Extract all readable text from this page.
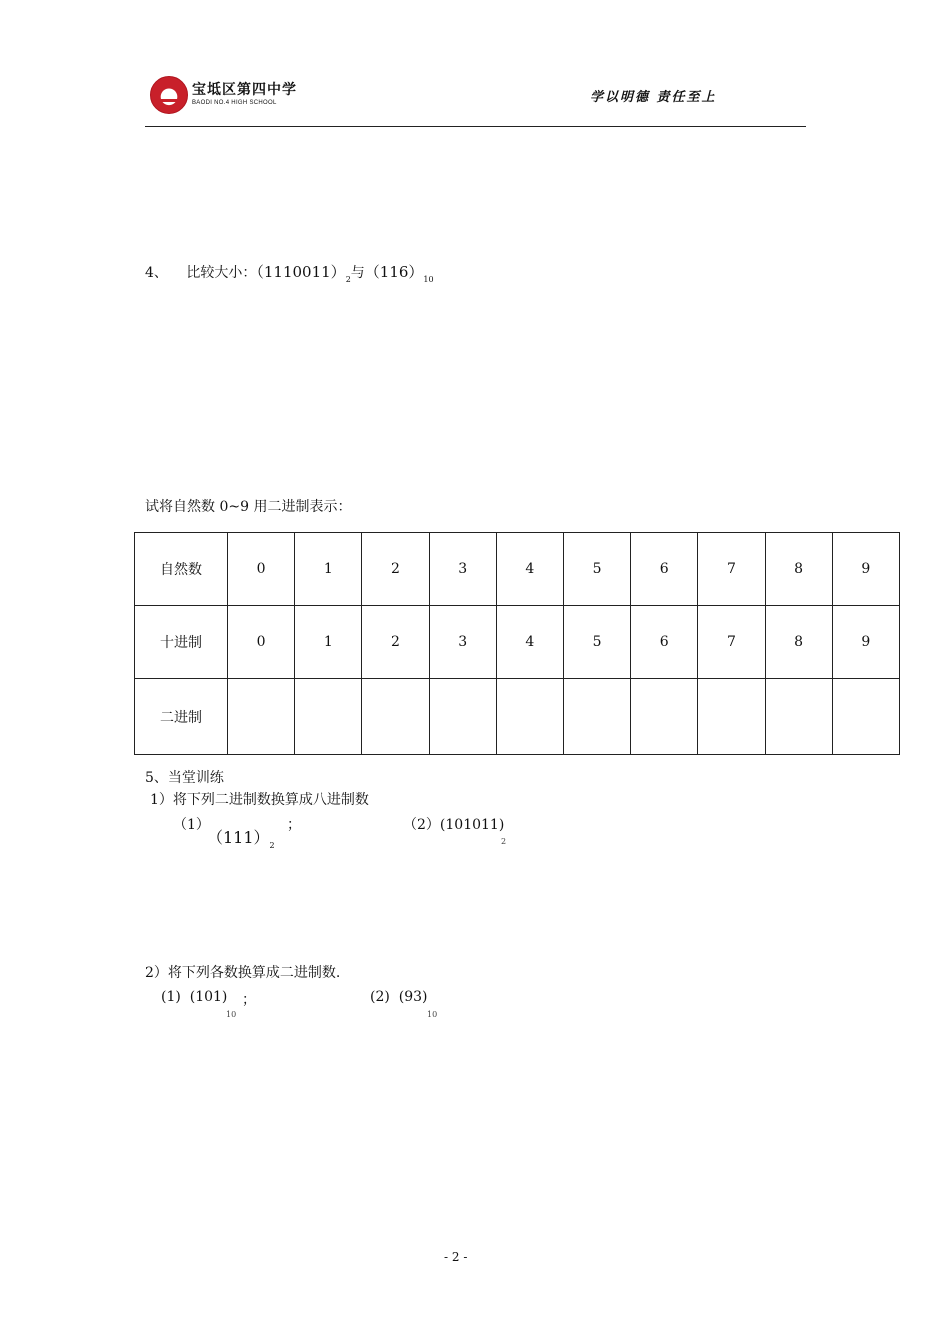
宝坻区第四中学
BAODI NO.4 HIGH SCHOOL	学以明德 责任至上
4、 比较大小：$(1110011)_2$与$(116)_{10}$
试将自然数 0~9 用二进制表示：
自然数	0	1	2	3	4	5	6	7	8	9
十进制	0	1	2	3	4	5	6	7	8	9
二进制										
5、当堂训练
1）将下列二进制数换算成八进制数
（1）
$(111)_2$
；	（2）(101011)
2
2）将下列各数换算成二进制数.
(1) (101) ；
10
(2) (93)
10
- 2 -
